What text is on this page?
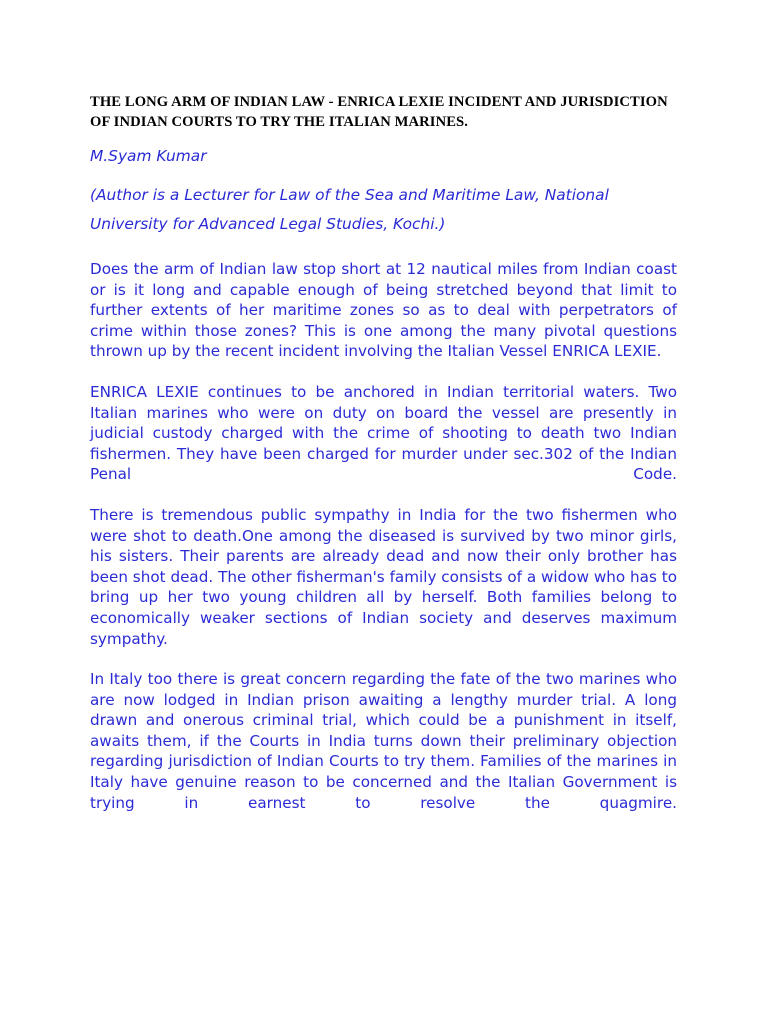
THE LONG ARM OF INDIAN LAW - ENRICA LEXIE INCIDENT AND JURISDICTION OF INDIAN COURTS TO TRY THE ITALIAN MARINES.

M.Syam Kumar

(Author is a Lecturer for Law of the Sea and Maritime Law, National University for Advanced Legal Studies, Kochi.)

Does the arm of Indian law stop short at 12 nautical miles from Indian coast or is it long and capable enough of being stretched beyond that limit to further extents of her maritime zones so as to deal with perpetrators of crime within those zones? This is one among the many pivotal questions thrown up by the recent incident involving the Italian Vessel ENRICA LEXIE.

ENRICA LEXIE continues to be anchored in Indian territorial waters. Two Italian marines who were on duty on board the vessel are presently in judicial custody charged with the crime of shooting to death two Indian fishermen. They have been charged for murder under sec.302 of the Indian Penal Code.

There is tremendous public sympathy in India for the two fishermen who were shot to death.One among the diseased is survived by two minor girls, his sisters. Their parents are already dead and now their only brother has been shot dead. The other fisherman's family consists of a widow who has to bring up her two young children all by herself. Both families belong to economically weaker sections of Indian society and deserves maximum sympathy.

In Italy too there is great concern regarding the fate of the two marines who are now lodged in Indian prison awaiting a lengthy murder trial. A long drawn and onerous criminal trial, which could be a punishment in itself, awaits them, if the Courts in India turns down their preliminary objection regarding jurisdiction of Indian Courts to try them. Families of the marines in Italy have genuine reason to be concerned and the Italian Government is trying in earnest to resolve the quagmire.
